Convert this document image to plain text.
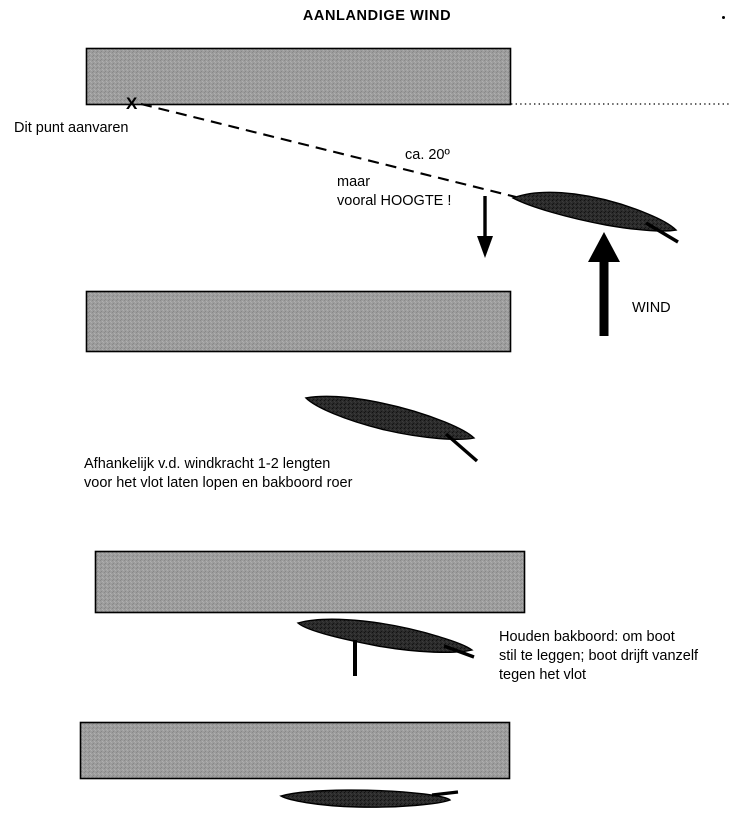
AANLANDIGE WIND
X
Dit punt aanvaren
ca. 20º
maar
vooral HOOGTE !
WIND
Afhankelijk v.d. windkracht 1-2 lengten
voor het vlot laten lopen en bakboord roer
Houden bakboord: om boot
stil te leggen; boot drijft vanzelf
tegen het vlot
